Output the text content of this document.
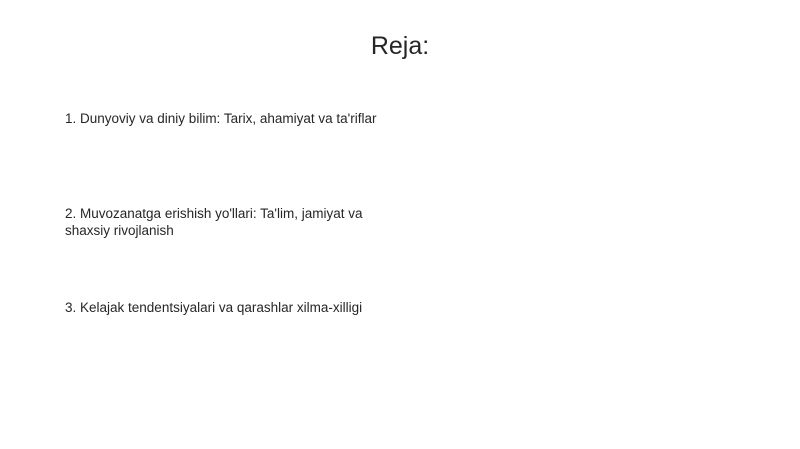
Reja:
1. Dunyoviy va diniy bilim: Tarix, ahamiyat va ta'riflar
2. Muvozanatga erishish yo'llari: Ta'lim, jamiyat va shaxsiy rivojlanish
3. Kelajak tendentsiyalari va qarashlar xilma-xilligi
